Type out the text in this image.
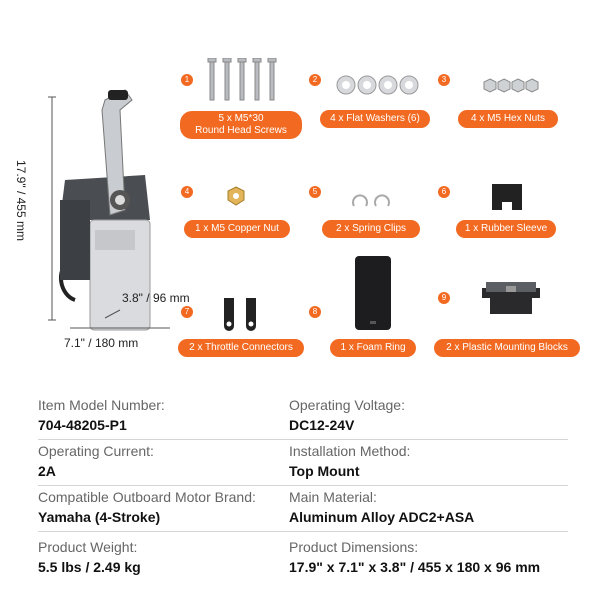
17.9" / 455 mm
3.8" / 96 mm
7.1" / 180 mm
1
5 x M5*30
Round Head Screws
2
4 x Flat Washers (6)
3
4 x M5 Hex Nuts
4
1 x M5 Copper Nut
5
2 x Spring Clips
6
1 x Rubber Sleeve
7
2 x Throttle Connectors
8
1 x Foam Ring
9
2 x Plastic Mounting Blocks
Item Model Number:
704-48205-P1
Operating Voltage:
DC12-24V
Operating Current:
2A
Installation Method:
Top Mount
Compatible Outboard Motor Brand:
Yamaha (4-Stroke)
Main Material:
Aluminum Alloy ADC2+ASA
Product Weight:
5.5 lbs / 2.49 kg
Product Dimensions:
17.9" x 7.1" x 3.8" / 455 x 180 x 96 mm
